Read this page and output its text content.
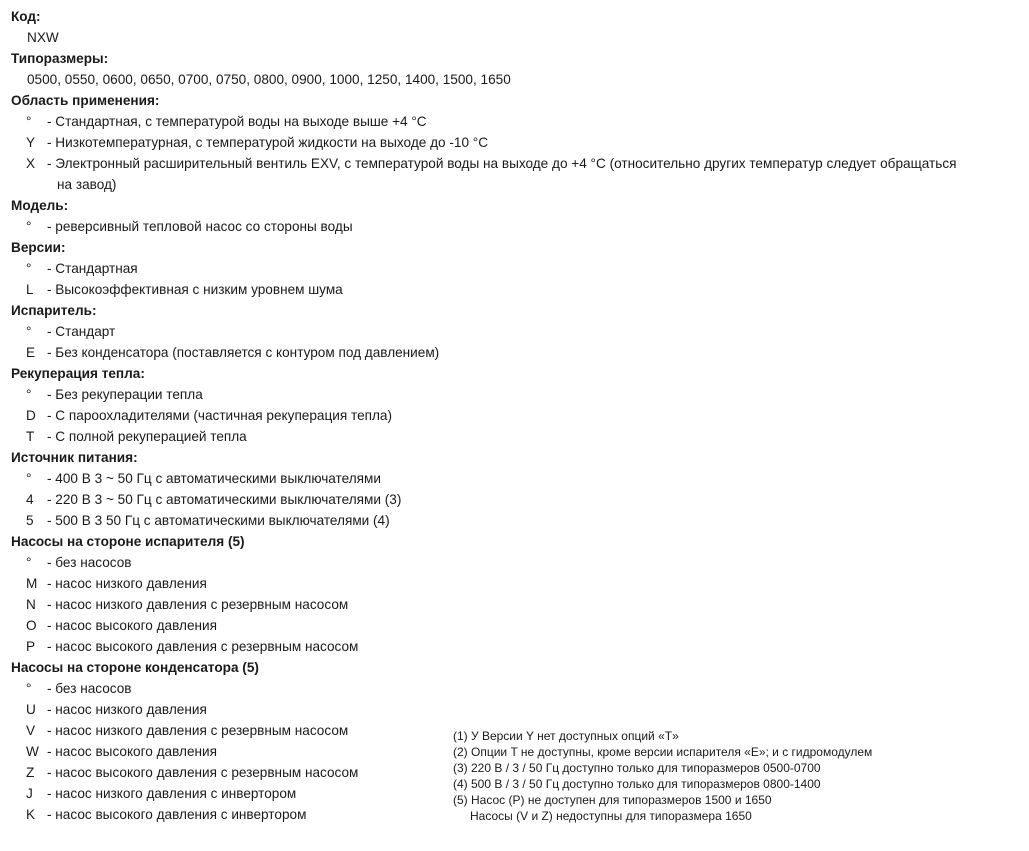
Код:
NXW
Типоразмеры:
0500, 0550, 0600, 0650, 0700, 0750, 0800, 0900, 1000, 1250, 1400, 1500, 1650
Область применения:
°	- Стандартная, с температурой воды на выходе выше +4 °C
Y - Низкотемпературная, с температурой жидкости на выходе до -10 °C
X - Электронный расширительный вентиль EXV, с температурой воды на выходе до +4 °C (относительно других температур следует обращаться
на завод)
Модель:
°	- реверсивный тепловой насос со стороны воды
Версии:
°	- Стандартная
L - Высокоэффективная с низким уровнем шума
Испаритель:
°	- Стандарт
E - Без конденсатора (поставляется с контуром под давлением)
Рекуперация тепла:
°	- Без рекуперации тепла
D - С пароохладителями (частичная рекуперация тепла)
T - С полной рекуперацией тепла
Источник питания:
°	- 400 В 3 ~ 50 Гц с автоматическими выключателями
4 - 220 В 3 ~ 50 Гц с автоматическими выключателями (3)
5 - 500 В 3 50 Гц с автоматическими выключателями (4)
Насосы на стороне испарителя (5)
°	- без насосов
M - насос низкого давления
N - насос низкого давления с резервным насосом
O - насос высокого давления
P - насос высокого давления с резервным насосом
Насосы на стороне конденсатора (5)
°	- без насосов
U - насос низкого давления
V - насос низкого давления с резервным насосом
W - насос высокого давления
Z - насос высокого давления с резервным насосом
J	- насос низкого давления с инвертором
K - насос высокого давления с инвертором
(1) У Версии Y нет доступных опций «T»
(2) Опции T не доступны, кроме версии испарителя «E»; и с гидромодулем
(3) 220 В / 3 / 50 Гц доступно только для типоразмеров 0500-0700
(4) 500 В / 3 / 50 Гц доступно только для типоразмеров 0800-1400
(5) Насос (P) не доступен для типоразмеров 1500 и 1650
Насосы (V и Z) недоступны для типоразмера 1650
